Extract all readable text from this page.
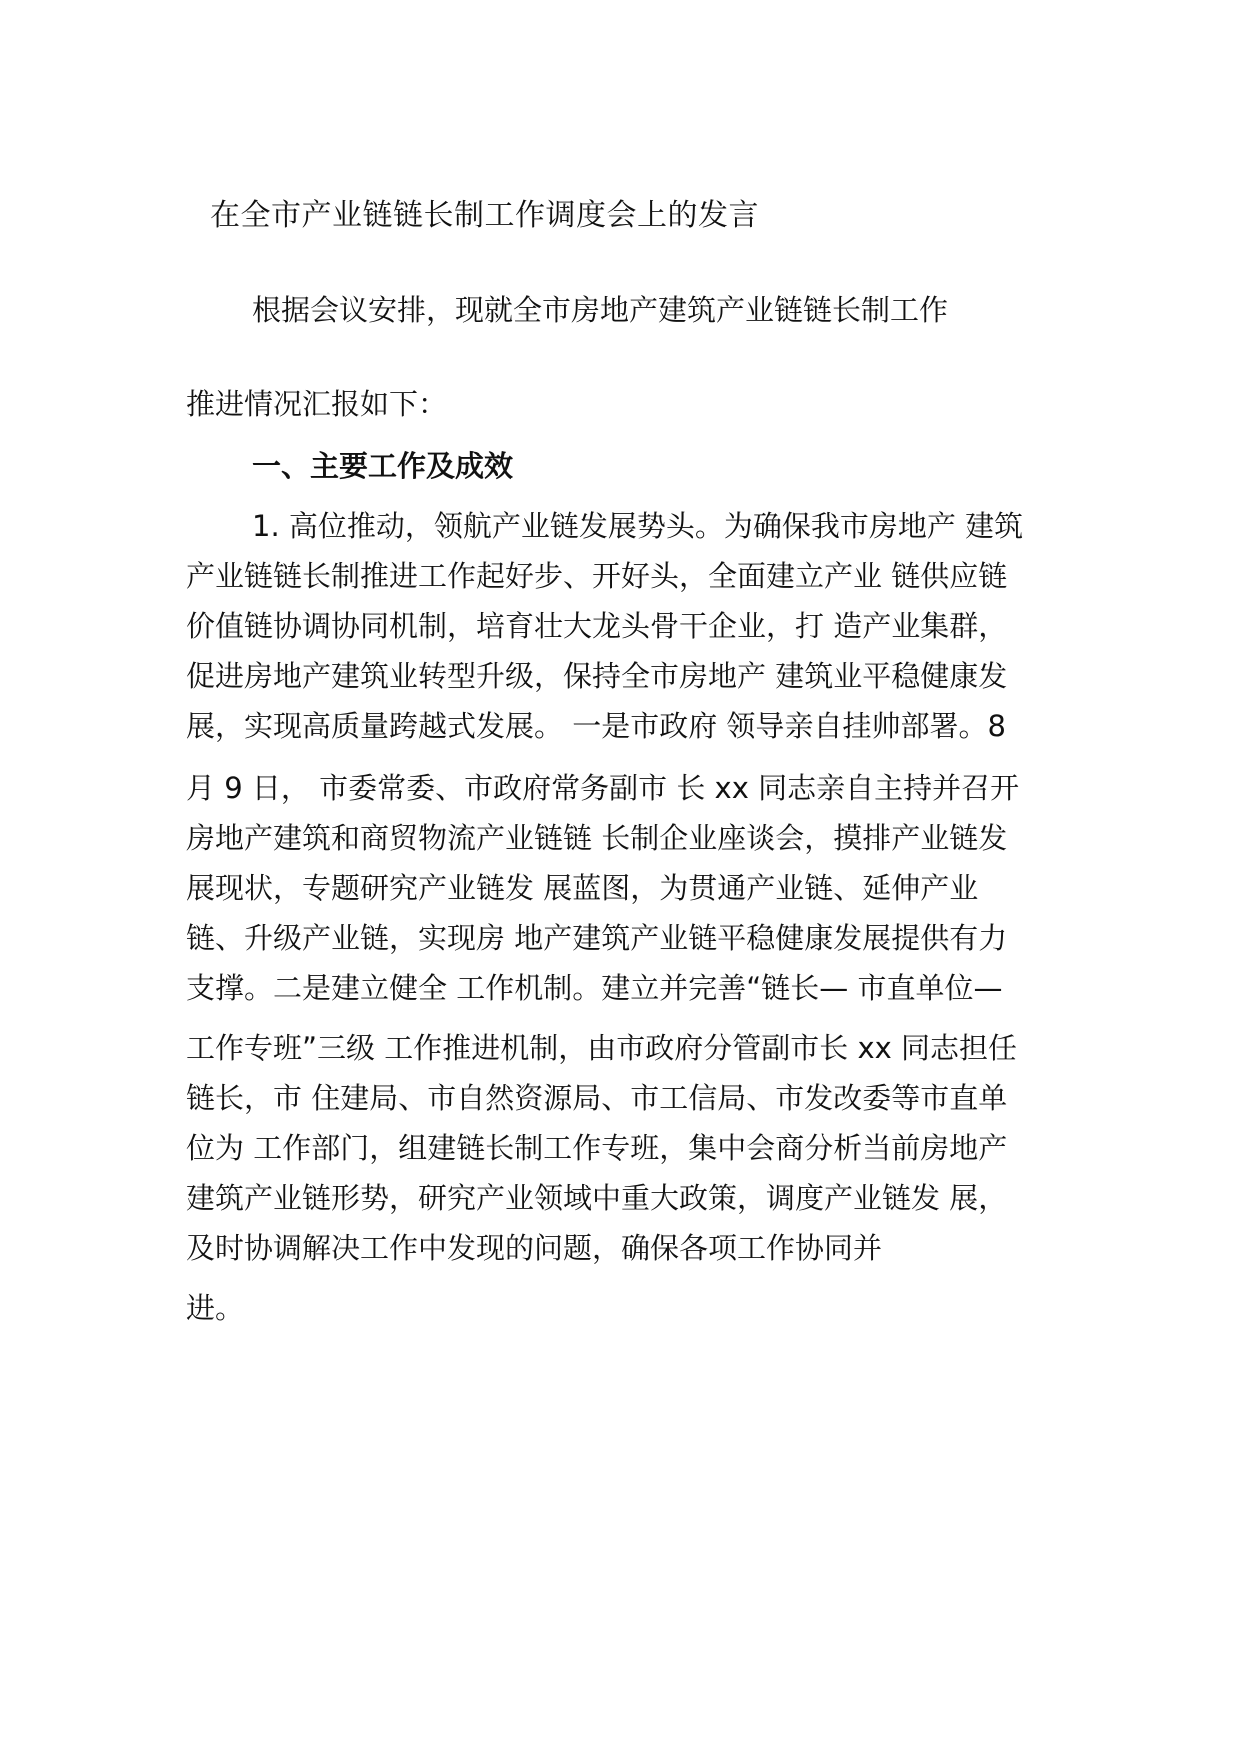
在全市产业链链长制工作调度会上的发言
根据会议安排，现就全市房地产建筑产业链链长制工作
推进情况汇报如下：
一、主要工作及成效
1. 高位推动，领航产业链发展势头。为确保我市房地产 建筑
产业链链长制推进工作起好步、开好头，全面建立产业 链供应链
价值链协调协同机制，培育壮大龙头骨干企业，打 造产业集群，
促进房地产建筑业转型升级，保持全市房地产 建筑业平稳健康发
展，实现高质量跨越式发展。 一是市政府 领导亲自挂帅部署。8
月 9 日， 市委常委、市政府常务副市 长 xx 同志亲自主持并召开
房地产建筑和商贸物流产业链链 长制企业座谈会，摸排产业链发
展现状，专题研究产业链发 展蓝图，为贯通产业链、延伸产业
链、升级产业链，实现房 地产建筑产业链平稳健康发展提供有力
支撑。二是建立健全 工作机制。建立并完善“链长— 市直单位—
工作专班”三级 工作推进机制，由市政府分管副市长 xx 同志担任
链长，市 住建局、市自然资源局、市工信局、市发改委等市直单
位为 工作部门，组建链长制工作专班，集中会商分析当前房地产
建筑产业链形势，研究产业领域中重大政策，调度产业链发 展，
及时协调解决工作中发现的问题，确保各项工作协同并
进。
